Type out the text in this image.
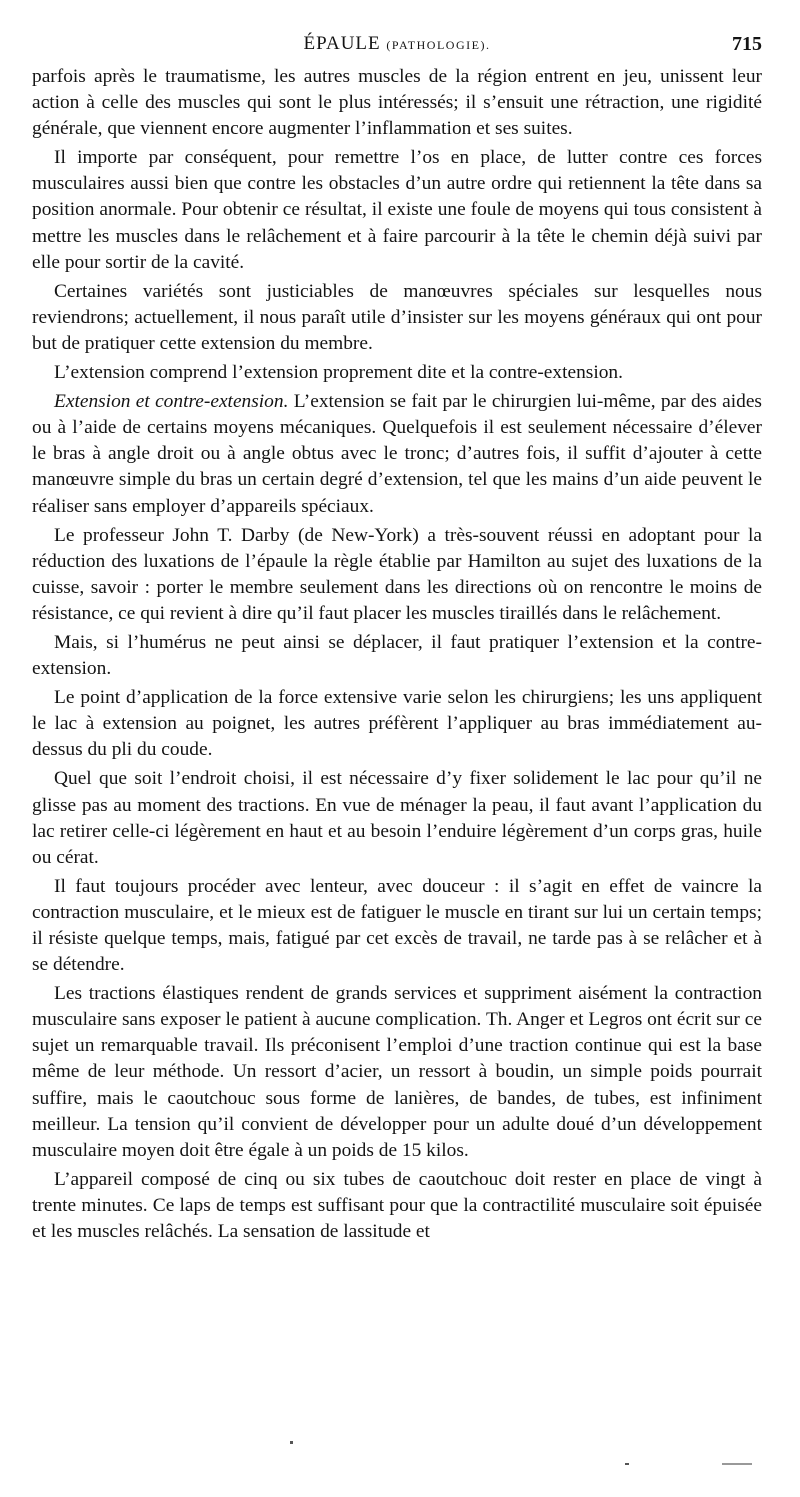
ÉPAULE (PATHOLOGIE).	715

parfois après le traumatisme, les autres muscles de la région entrent en jeu, unissent leur action à celle des muscles qui sont le plus intéressés; il s’ensuit une rétraction, une rigidité générale, que viennent encore augmenter l’inflammation et ses suites.

Il importe par conséquent, pour remettre l’os en place, de lutter contre ces forces musculaires aussi bien que contre les obstacles d’un autre ordre qui retiennent la tête dans sa position anormale. Pour obtenir ce résultat, il existe une foule de moyens qui tous consistent à mettre les muscles dans le relâchement et à faire parcourir à la tête le chemin déjà suivi par elle pour sortir de la cavité.

Certaines variétés sont justiciables de manœuvres spéciales sur lesquelles nous reviendrons; actuellement, il nous paraît utile d’insister sur les moyens généraux qui ont pour but de pratiquer cette extension du membre.

L’extension comprend l’extension proprement dite et la contre-extension.

Extension et contre-extension. L’extension se fait par le chirurgien lui-même, par des aides ou à l’aide de certains moyens mécaniques. Quelquefois il est seulement nécessaire d’élever le bras à angle droit ou à angle obtus avec le tronc; d’autres fois, il suffit d’ajouter à cette manœuvre simple du bras un certain degré d’extension, tel que les mains d’un aide peuvent le réaliser sans employer d’appareils spéciaux.

Le professeur John T. Darby (de New-York) a très-souvent réussi en adoptant pour la réduction des luxations de l’épaule la règle établie par Hamilton au sujet des luxations de la cuisse, savoir : porter le membre seulement dans les directions où on rencontre le moins de résistance, ce qui revient à dire qu’il faut placer les muscles tiraillés dans le relâchement.

Mais, si l’humérus ne peut ainsi se déplacer, il faut pratiquer l’extension et la contre-extension.

Le point d’application de la force extensive varie selon les chirurgiens; les uns appliquent le lac à extension au poignet, les autres préfèrent l’appliquer au bras immédiatement au-dessus du pli du coude.

Quel que soit l’endroit choisi, il est nécessaire d’y fixer solidement le lac pour qu’il ne glisse pas au moment des tractions. En vue de ménager la peau, il faut avant l’application du lac retirer celle-ci légèrement en haut et au besoin l’enduire légèrement d’un corps gras, huile ou cérat.

Il faut toujours procéder avec lenteur, avec douceur : il s’agit en effet de vaincre la contraction musculaire, et le mieux est de fatiguer le muscle en tirant sur lui un certain temps; il résiste quelque temps, mais, fatigué par cet excès de travail, ne tarde pas à se relâcher et à se détendre.

Les tractions élastiques rendent de grands services et suppriment aisément la contraction musculaire sans exposer le patient à aucune complication. Th. Anger et Legros ont écrit sur ce sujet un remarquable travail. Ils préconisent l’emploi d’une traction continue qui est la base même de leur méthode. Un ressort d’acier, un ressort à boudin, un simple poids pourrait suffire, mais le caoutchouc sous forme de lanières, de bandes, de tubes, est infiniment meilleur. La tension qu’il convient de développer pour un adulte doué d’un développement musculaire moyen doit être égale à un poids de 15 kilos.

L’appareil composé de cinq ou six tubes de caoutchouc doit rester en place de vingt à trente minutes. Ce laps de temps est suffisant pour que la contractilité musculaire soit épuisée et les muscles relâchés. La sensation de lassitude et
